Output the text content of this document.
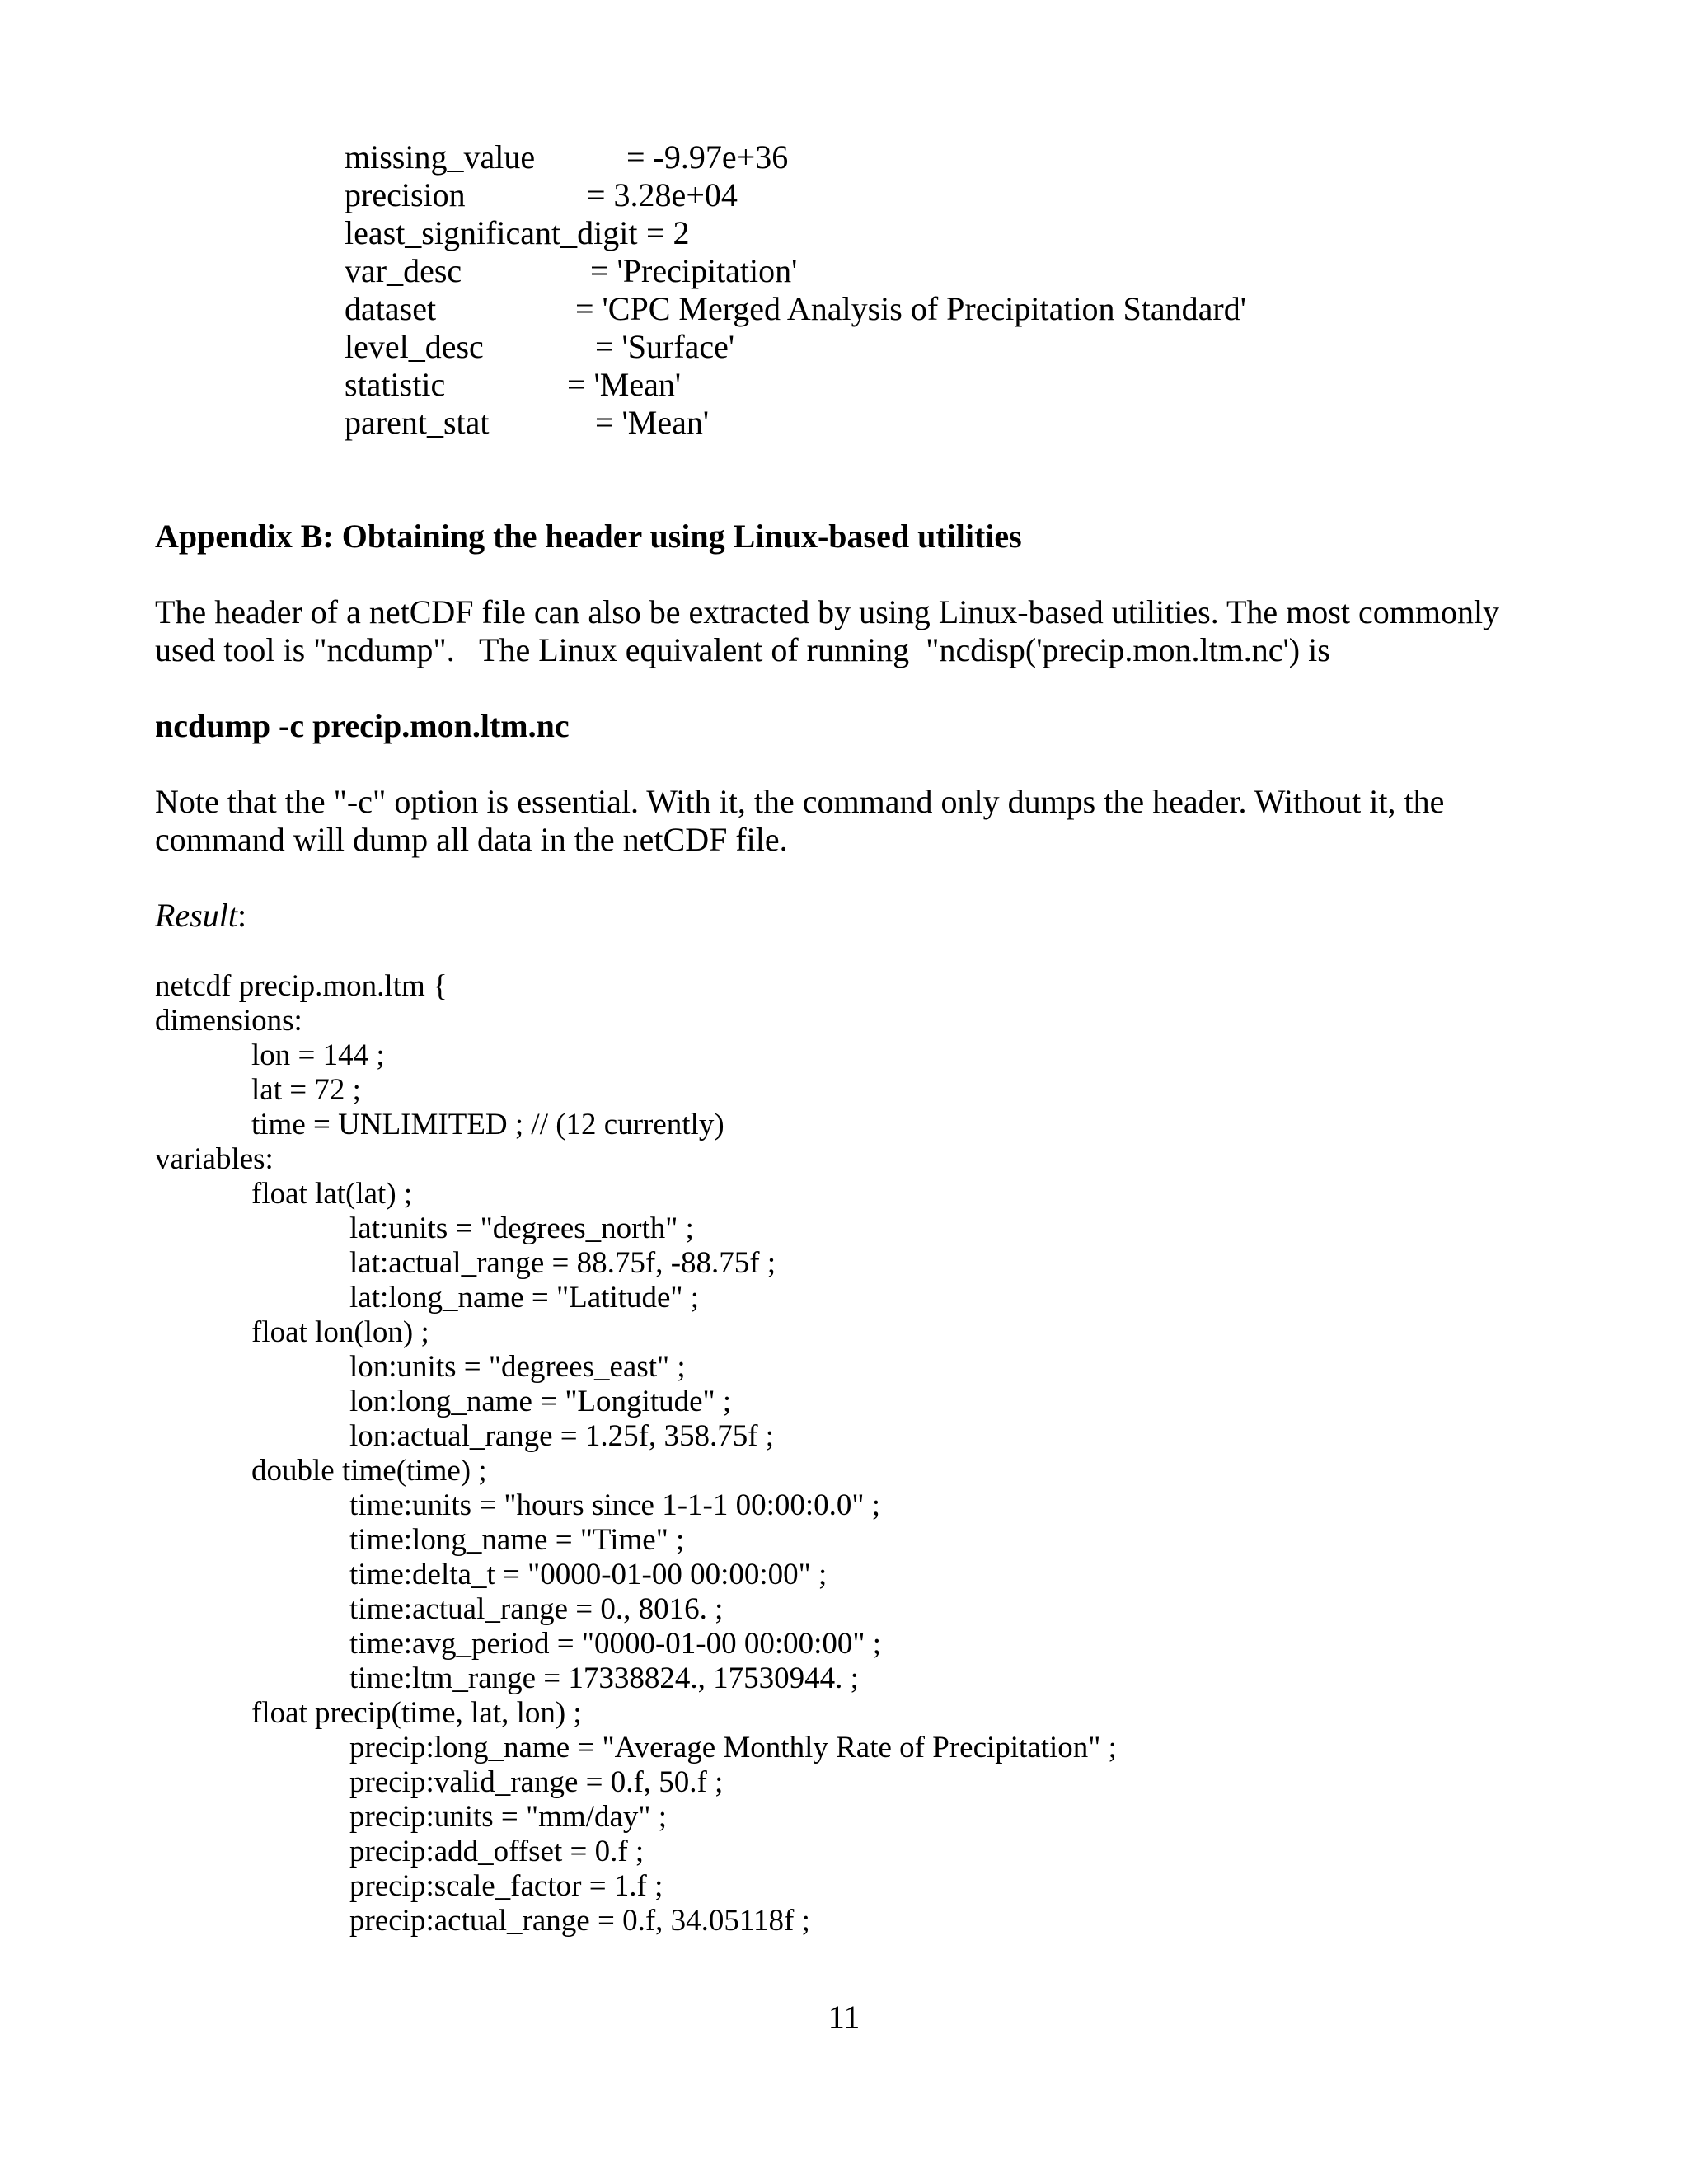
missing_value	= -9.97e+36
precision	= 3.28e+04
least_significant_digit = 2
var_desc	= 'Precipitation'
dataset	= 'CPC Merged Analysis of Precipitation Standard'
level_desc	= 'Surface'
statistic	= 'Mean'
parent_stat	= 'Mean'
Appendix B: Obtaining the header using Linux-based utilities
The header of a netCDF file can also be extracted by using Linux-based utilities. The most commonly
used tool is "ncdump".   The Linux equivalent of running  "ncdisp('precip.mon.ltm.nc') is
ncdump -c precip.mon.ltm.nc
Note that the "-c" option is essential. With it, the command only dumps the header. Without it, the
command will dump all data in the netCDF file.
Result:
netcdf precip.mon.ltm {
dimensions:
lon = 144 ;
lat = 72 ;
time = UNLIMITED ; // (12 currently)
variables:
float lat(lat) ;
lat:units = "degrees_north" ;
lat:actual_range = 88.75f, -88.75f ;
lat:long_name = "Latitude" ;
float lon(lon) ;
lon:units = "degrees_east" ;
lon:long_name = "Longitude" ;
lon:actual_range = 1.25f, 358.75f ;
double time(time) ;
time:units = "hours since 1-1-1 00:00:0.0" ;
time:long_name = "Time" ;
time:delta_t = "0000-01-00 00:00:00" ;
time:actual_range = 0., 8016. ;
time:avg_period = "0000-01-00 00:00:00" ;
time:ltm_range = 17338824., 17530944. ;
float precip(time, lat, lon) ;
precip:long_name = "Average Monthly Rate of Precipitation" ;
precip:valid_range = 0.f, 50.f ;
precip:units = "mm/day" ;
precip:add_offset = 0.f ;
precip:scale_factor = 1.f ;
precip:actual_range = 0.f, 34.05118f ;
11
